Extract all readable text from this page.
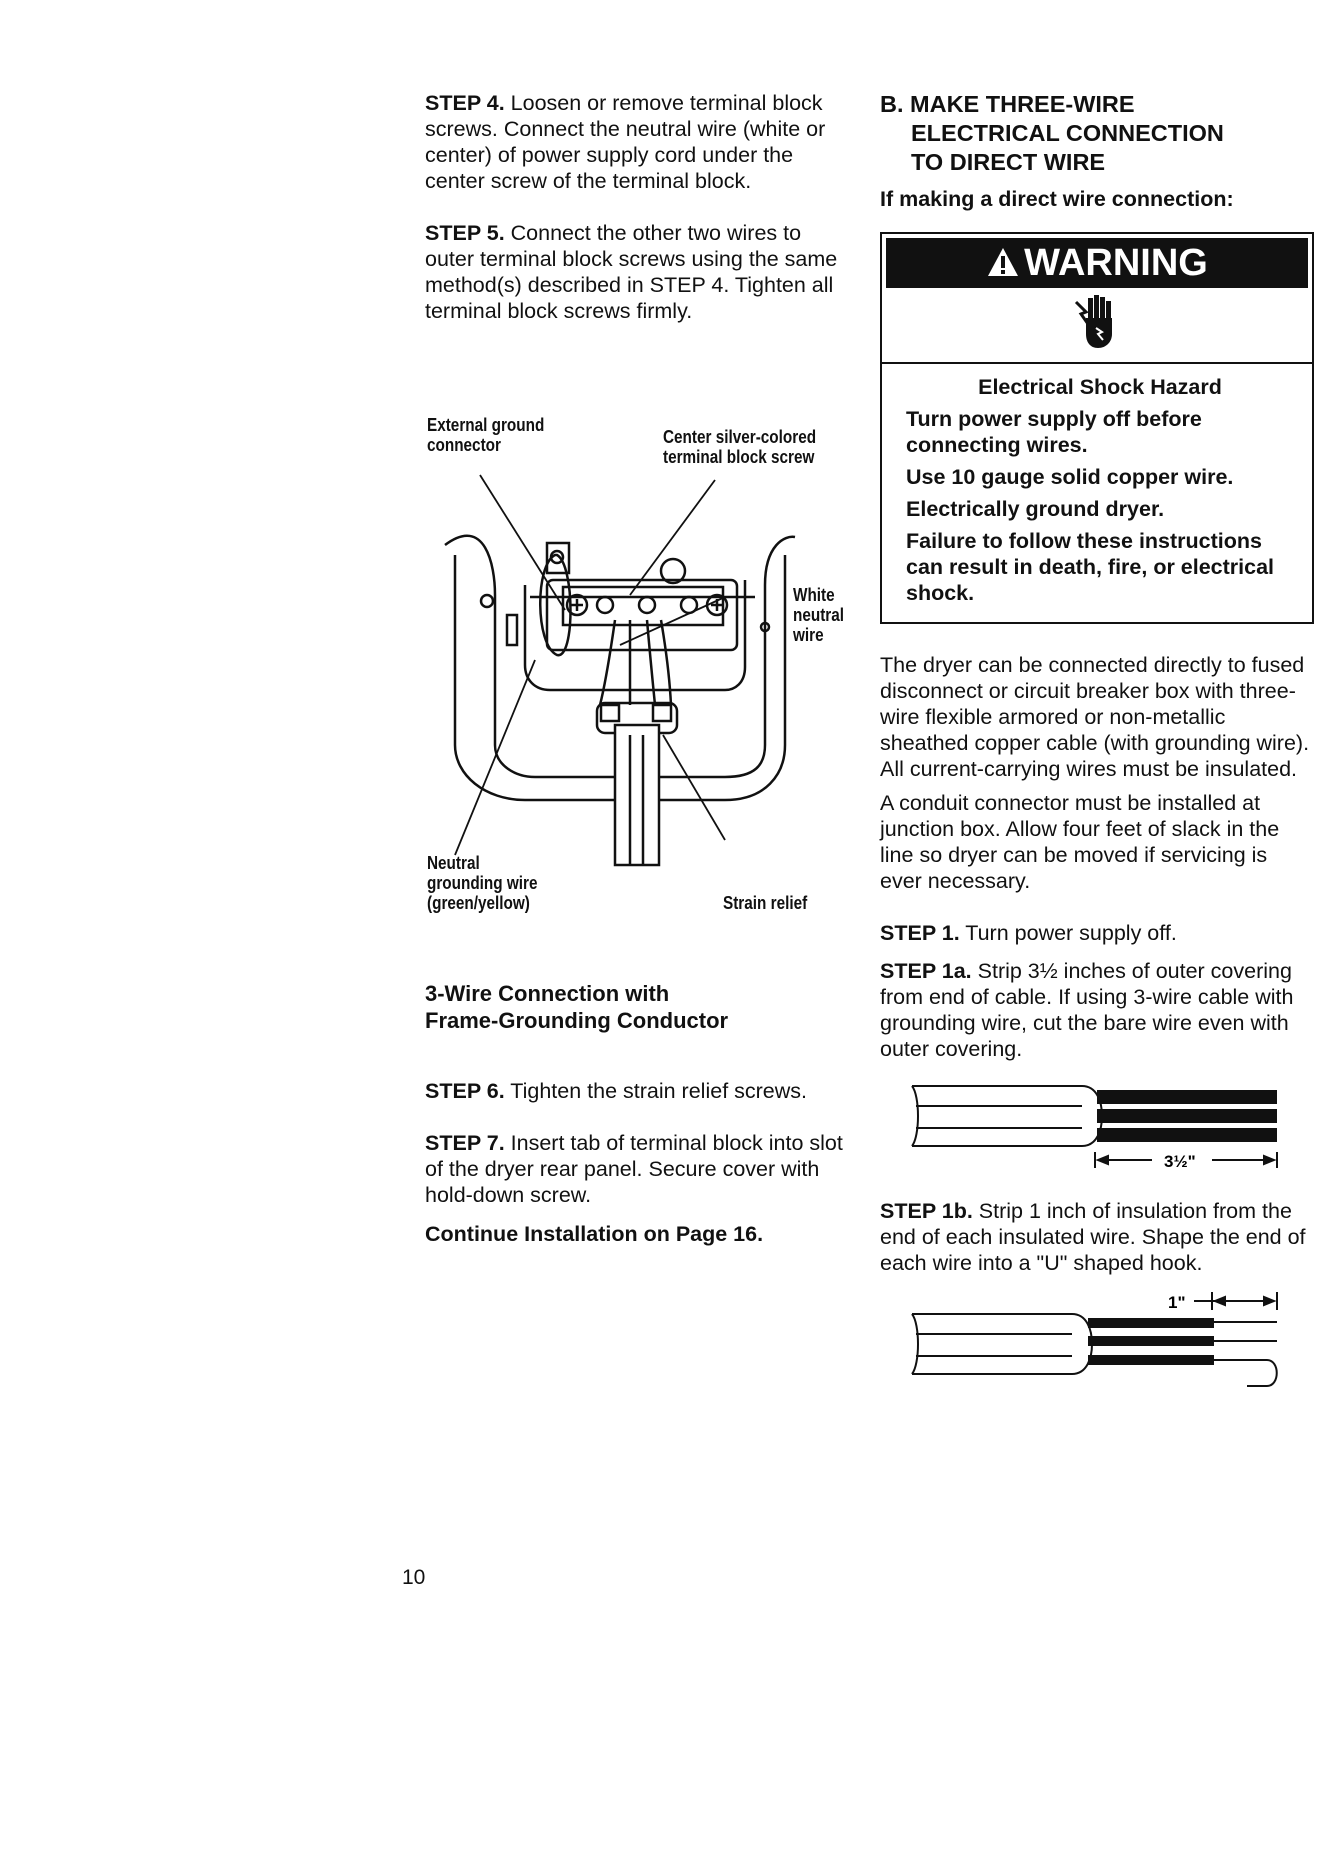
STEP 4. Loosen or remove terminal block screws. Connect the neutral wire (white or center) of power supply cord under the center screw of the terminal block.

STEP 5. Connect the other two wires to outer terminal block screws using the same method(s) described in STEP 4. Tighten all terminal block screws firmly.

External ground
connector	Center silver-colored
terminal block screw
White
neutral
wire
Neutral
grounding wire
(green/yellow)	Strain relief
3-Wire Connection with
Frame-Grounding Conductor

STEP 6. Tighten the strain relief screws.

STEP 7. Insert tab of terminal block into slot of the dryer rear panel. Secure cover with hold-down screw.

Continue Installation on Page 16.

B. MAKE THREE-WIRE
ELECTRICAL CONNECTION
TO DIRECT WIRE

If making a direct wire connection:

WARNING

Electrical Shock Hazard

Turn power supply off before connecting wires.

Use 10 gauge solid copper wire.

Electrically ground dryer.

Failure to follow these instructions can result in death, fire, or electrical shock.

The dryer can be connected directly to fused disconnect or circuit breaker box with three-wire flexible armored or non-metallic sheathed copper cable (with grounding wire). All current-carrying wires must be insulated.

A conduit connector must be installed at junction box. Allow four feet of slack in the line so dryer can be moved if servicing is ever necessary.

STEP 1. Turn power supply off.

STEP 1a. Strip 3½ inches of outer covering from end of cable. If using 3-wire cable with grounding wire, cut the bare wire even with outer covering.

3½"

STEP 1b. Strip 1 inch of insulation from the end of each insulated wire. Shape the end of each wire into a "U" shaped hook.

1"
10
